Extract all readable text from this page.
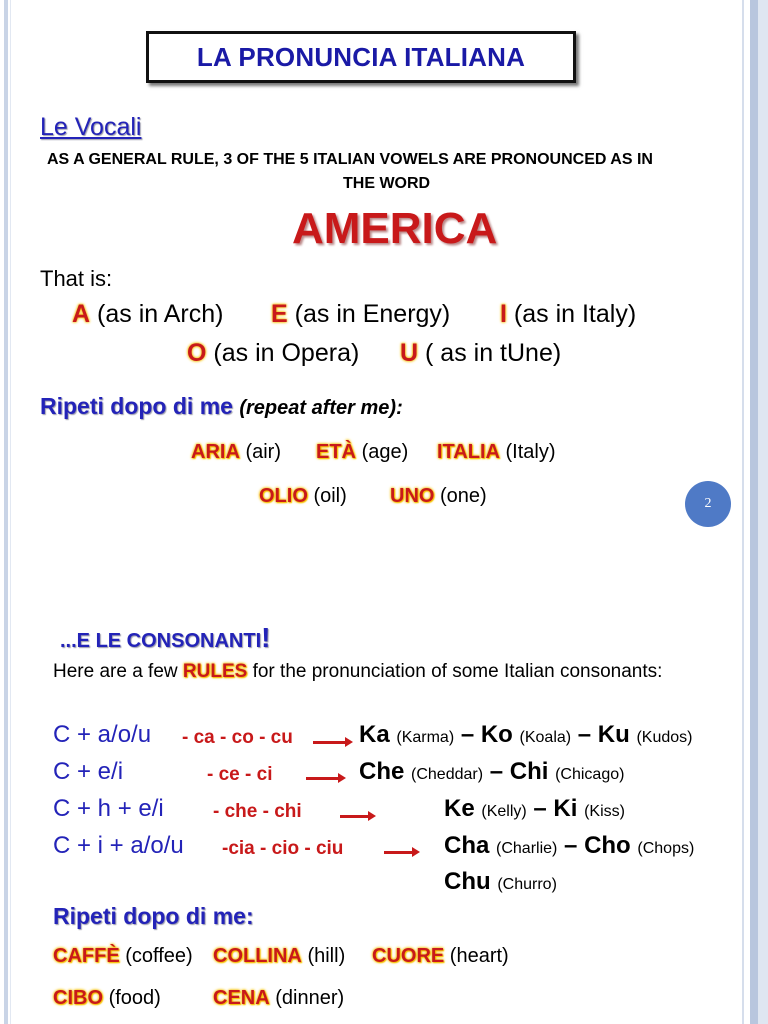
LA PRONUNCIA ITALIANA
Le Vocali
AS A GENERAL RULE, 3 OF THE 5 ITALIAN VOWELS ARE PRONOUNCED AS IN
THE WORD
AMERICA
That is:
A (as in Arch) E (as in Energy) I (as in Italy)
O (as in Opera) U ( as in tUne)
Ripeti dopo di me (repeat after me):
ARIA (air) ETÀ (age) ITALIA (Italy)
OLIO (oil) UNO (one)	2
...E LE CONSONANTI!
Here are a few RULES for the pronunciation of some Italian consonants:
C + a/o/u - ca - co - cu	Ka (Karma) – Ko (Koala) – Ku (Kudos)
C + e/i	- ce - ci	Che (Cheddar) – Chi (Chicago)
C + h + e/i	- che - chi	Ke (Kelly) – Ki (Kiss)
C + i + a/o/u -cia - cio - ciu	Cha (Charlie) – Cho (Chops)
Chu (Churro)
Ripeti dopo di me:
CAFFÈ (coffee) COLLINA (hill) CUORE (heart)
CIBO (food)	CENA (dinner)
